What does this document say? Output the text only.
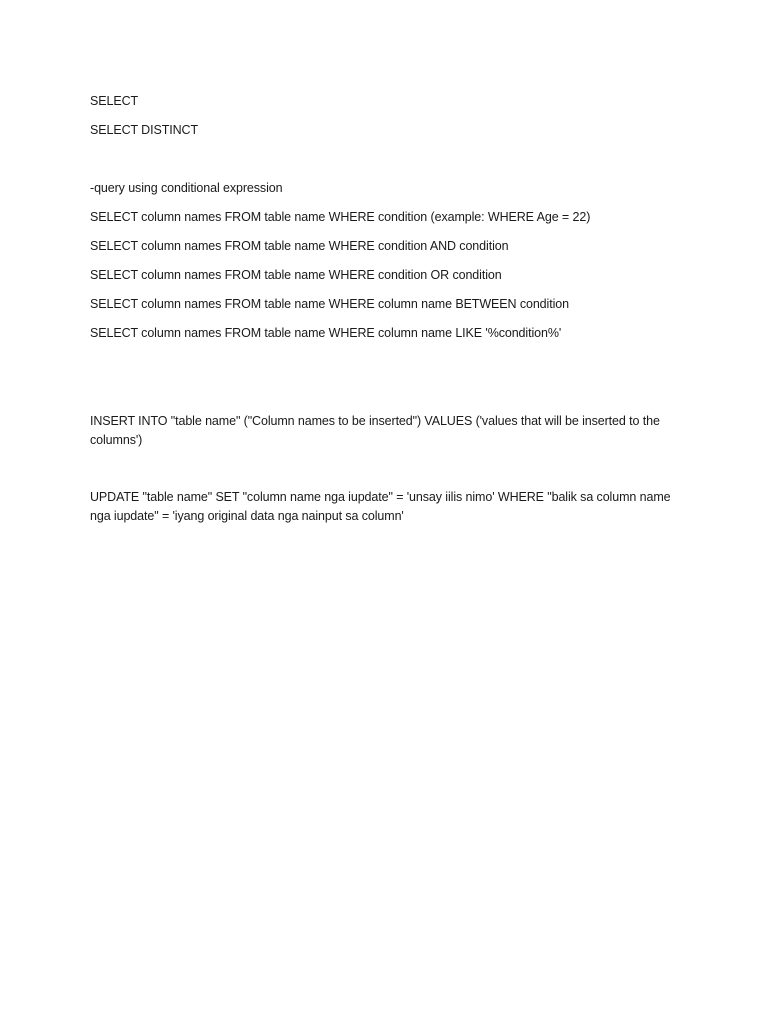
SELECT
SELECT DISTINCT
-query using conditional expression
SELECT column names FROM table name WHERE condition (example: WHERE Age = 22)
SELECT column names FROM table name WHERE condition AND condition
SELECT column names FROM table name WHERE condition OR condition
SELECT column names FROM table name WHERE column name BETWEEN condition
SELECT column names FROM table name WHERE column name LIKE '%condition%'
INSERT INTO "table name" ("Column names to be inserted") VALUES ('values that will be inserted to the columns')
UPDATE "table name" SET "column name nga iupdate" = 'unsay iilis nimo' WHERE "balik sa column name nga iupdate" = 'iyang original data nga nainput sa column'
